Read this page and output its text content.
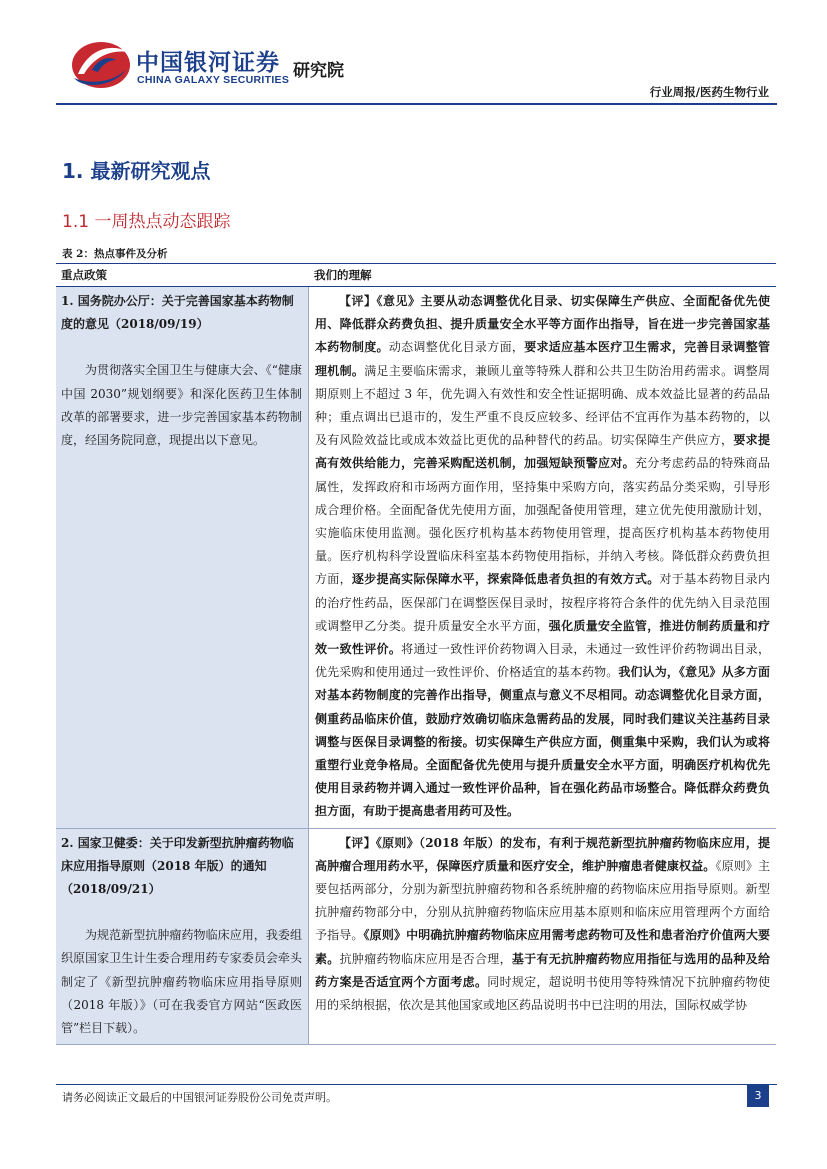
中国银河证券
CHINA GALAXY SECURITIES 研究院
行业周报/医药生物行业
1. 最新研究观点
1.1 一周热点动态跟踪
表 2：热点事件及分析
重点政策	我们的理解
1. 国务院办公厅：关于完善国家基本药物制度的意见（2018/09/19）
为贯彻落实全国卫生与健康大会、《“健康中国 2030”规划纲要》和深化医药卫生体制改革的部署要求，进一步完善国家基本药物制度，经国务院同意，现提出以下意见。
【评】《意见》主要从动态调整优化目录、切实保障生产供应、全面配备优先使用、降低群众药费负担、提升质量安全水平等方面作出指导，旨在进一步完善国家基本药物制度。动态调整优化目录方面，要求适应基本医疗卫生需求，完善目录调整管理机制。满足主要临床需求，兼顾儿童等特殊人群和公共卫生防治用药需求。调整周期原则上不超过 3 年，优先调入有效性和安全性证据明确、成本效益比显著的药品品种；重点调出已退市的，发生严重不良反应较多、经评估不宜再作为基本药物的，以及有风险效益比或成本效益比更优的品种替代的药品。切实保障生产供应方，要求提高有效供给能力，完善采购配送机制，加强短缺预警应对。充分考虑药品的特殊商品属性，发挥政府和市场两方面作用，坚持集中采购方向，落实药品分类采购，引导形成合理价格。全面配备优先使用方面，加强配备使用管理，建立优先使用激励计划，实施临床使用监测。强化医疗机构基本药物使用管理，提高医疗机构基本药物使用量。医疗机构科学设置临床科室基本药物使用指标，并纳入考核。降低群众药费负担方面，逐步提高实际保障水平，探索降低患者负担的有效方式。对于基本药物目录内的治疗性药品，医保部门在调整医保目录时，按程序将符合条件的优先纳入目录范围或调整甲乙分类。提升质量安全水平方面，强化质量安全监管，推进仿制药质量和疗效一致性评价。将通过一致性评价药物调入目录，未通过一致性评价药物调出目录，优先采购和使用通过一致性评价、价格适宜的基本药物。我们认为，《意见》从多方面对基本药物制度的完善作出指导，侧重点与意义不尽相同。动态调整优化目录方面，侧重药品临床价值，鼓励疗效确切临床急需药品的发展，同时我们建议关注基药目录调整与医保目录调整的衔接。切实保障生产供应方面，侧重集中采购，我们认为或将重塑行业竞争格局。全面配备优先使用与提升质量安全水平方面，明确医疗机构优先使用目录药物并调入通过一致性评价品种，旨在强化药品市场整合。降低群众药费负担方面，有助于提高患者用药可及性。
2. 国家卫健委：关于印发新型抗肿瘤药物临床应用指导原则（2018 年版）的通知（2018/09/21）
为规范新型抗肿瘤药物临床应用，我委组织原国家卫生计生委合理用药专家委员会牵头制定了《新型抗肿瘤药物临床应用指导原则（2018 年版）》（可在我委官方网站“医政医管”栏目下载）。
【评】《原则》（2018 年版）的发布，有利于规范新型抗肿瘤药物临床应用，提高肿瘤合理用药水平，保障医疗质量和医疗安全，维护肿瘤患者健康权益。《原则》主要包括两部分，分别为新型抗肿瘤药物和各系统肿瘤的药物临床应用指导原则。新型抗肿瘤药物部分中，分别从抗肿瘤药物临床应用基本原则和临床应用管理两个方面给予指导。《原则》中明确抗肿瘤药物临床应用需考虑药物可及性和患者治疗价值两大要素。抗肿瘤药物临床应用是否合理，基于有无抗肿瘤药物应用指征与选用的品种及给药方案是否适宜两个方面考虑。同时规定，超说明书使用等特殊情况下抗肿瘤药物使用的采纳根据，依次是其他国家或地区药品说明书中已注明的用法，国际权威学协
请务必阅读正文最后的中国银河证券股份公司免责声明。	3
